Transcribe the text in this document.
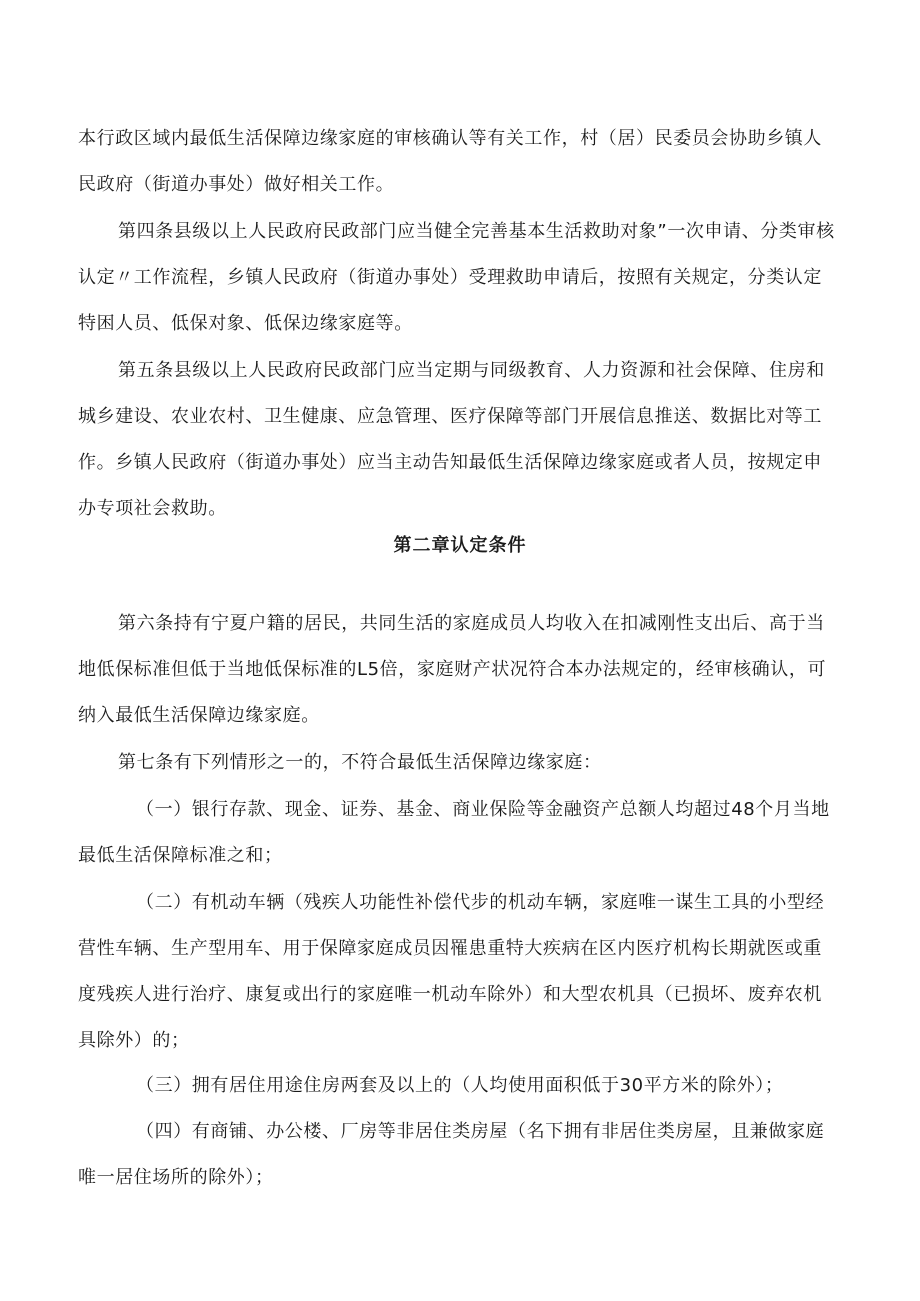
本行政区域内最低生活保障边缘家庭的审核确认等有关工作，村（居）民委员会协助乡镇人民政府（街道办事处）做好相关工作。

第四条县级以上人民政府民政部门应当健全完善基本生活救助对象”一次申请、分类审核认定〃工作流程，乡镇人民政府（街道办事处）受理救助申请后，按照有关规定，分类认定特困人员、低保对象、低保边缘家庭等。

第五条县级以上人民政府民政部门应当定期与同级教育、人力资源和社会保障、住房和城乡建设、农业农村、卫生健康、应急管理、医疗保障等部门开展信息推送、数据比对等工作。乡镇人民政府（街道办事处）应当主动告知最低生活保障边缘家庭或者人员，按规定申办专项社会救助。

第二章认定条件

第六条持有宁夏户籍的居民，共同生活的家庭成员人均收入在扣减刚性支出后、高于当地低保标准但低于当地低保标准的L5倍，家庭财产状况符合本办法规定的，经审核确认，可纳入最低生活保障边缘家庭。

第七条有下列情形之一的，不符合最低生活保障边缘家庭：

（一）银行存款、现金、证券、基金、商业保险等金融资产总额人均超过48个月当地最低生活保障标准之和；

（二）有机动车辆（残疾人功能性补偿代步的机动车辆，家庭唯一谋生工具的小型经营性车辆、生产型用车、用于保障家庭成员因罹患重特大疾病在区内医疗机构长期就医或重度残疾人进行治疗、康复或出行的家庭唯一机动车除外）和大型农机具（已损坏、废弃农机具除外）的；

（三）拥有居住用途住房两套及以上的（人均使用面积低于30平方米的除外）；

（四）有商铺、办公楼、厂房等非居住类房屋（名下拥有非居住类房屋，且兼做家庭唯一居住场所的除外）；
